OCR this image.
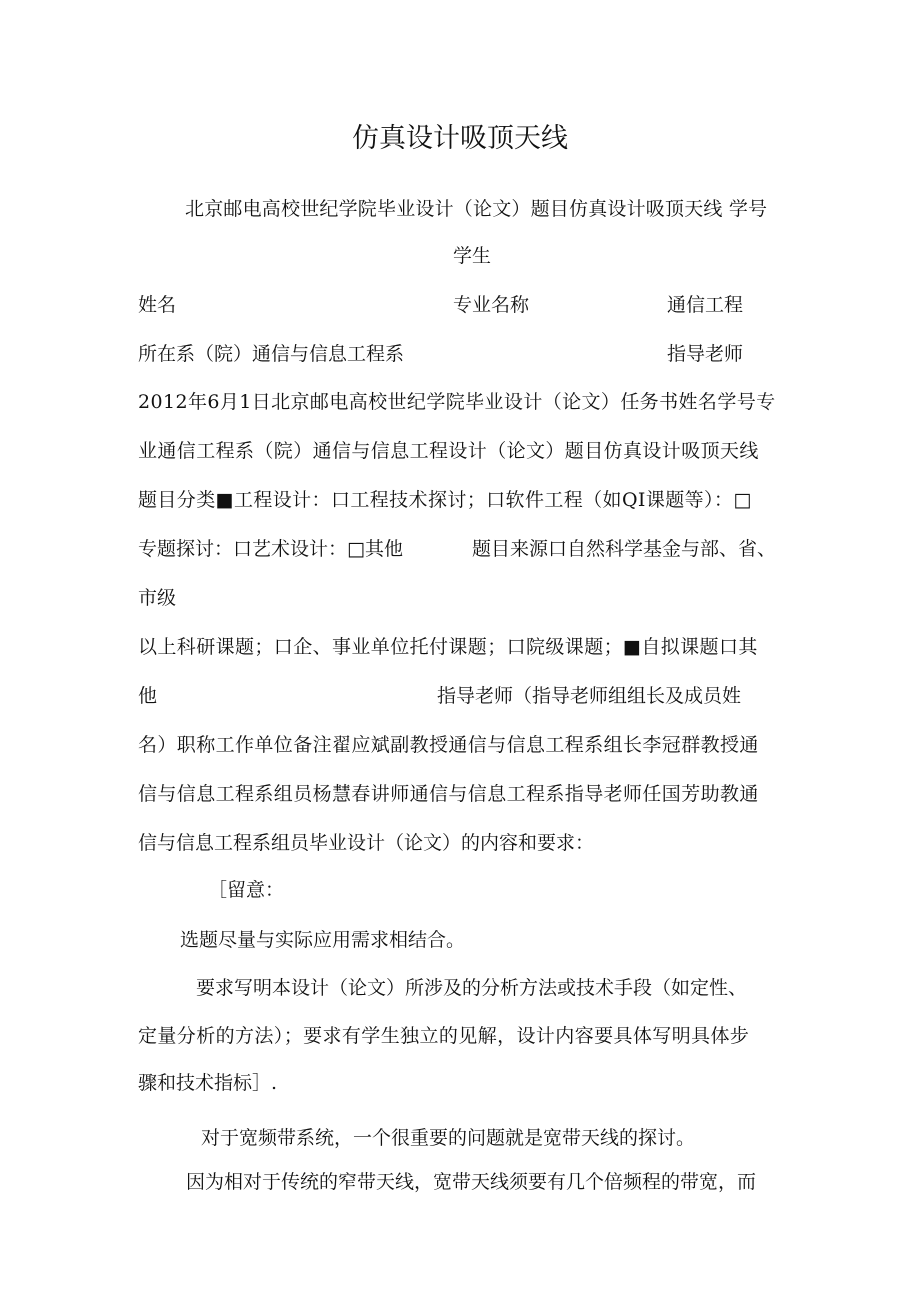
仿真设计吸顶天线
北京邮电高校世纪学院毕业设计（论文）题目仿真设计吸顶天线 学号
学生
姓名	专业名称	通信工程
所在系（院）通信与信息工程系	指导老师
2012年6月1日北京邮电高校世纪学院毕业设计（论文）任务书姓名学号专
业通信工程系（院）通信与信息工程设计（论文）题目仿真设计吸顶天线
题目分类■工程设计：口工程技术探讨；口软件工程（如QI课题等）：□
专题探讨：口艺术设计：□其他	题目来源口自然科学基金与部、省、
市级
以上科研课题；口企、事业单位托付课题；口院级课题；■自拟课题口其
他	指导老师（指导老师组组长及成员姓
名）职称工作单位备注翟应斌副教授通信与信息工程系组长李冠群教授通
信与信息工程系组员杨慧春讲师通信与信息工程系指导老师任国芳助教通
信与信息工程系组员毕业设计（论文）的内容和要求：
［留意：
选题尽量与实际应用需求相结合。
要求写明本设计（论文）所涉及的分析方法或技术手段（如定性、
定量分析的方法）；要求有学生独立的见解，设计内容要具体写明具体步
骤和技术指标］.
对于宽频带系统，一个很重要的问题就是宽带天线的探讨。
因为相对于传统的窄带天线，宽带天线须要有几个倍频程的带宽，而
